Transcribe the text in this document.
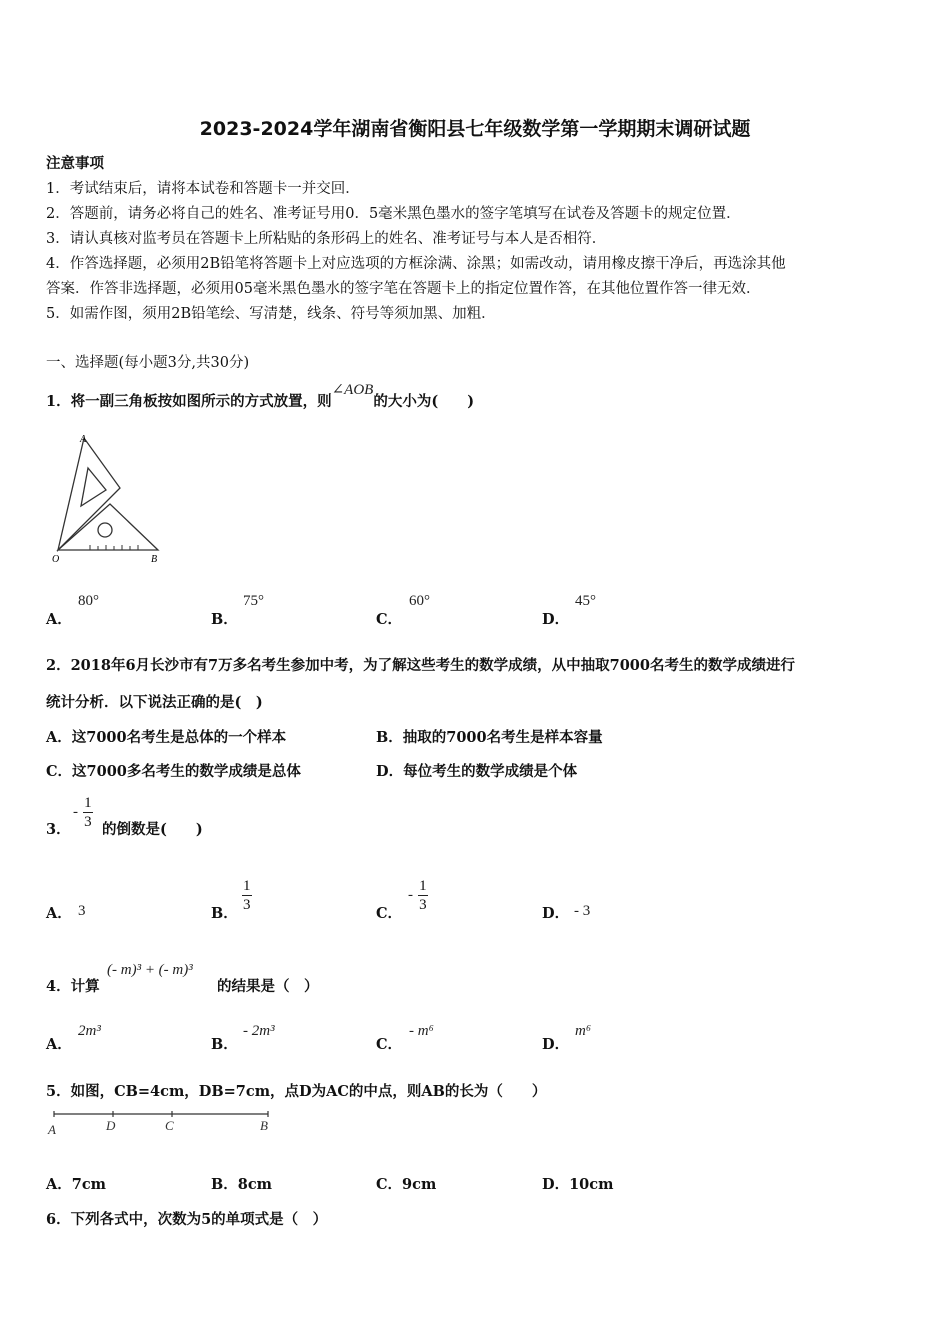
2023-2024学年湖南省衡阳县七年级数学第一学期期末调研试题
注意事项
1．考试结束后，请将本试卷和答题卡一并交回．
2．答题前，请务必将自己的姓名、准考证号用0．5毫米黑色墨水的签字笔填写在试卷及答题卡的规定位置．
3．请认真核对监考员在答题卡上所粘贴的条形码上的姓名、准考证号与本人是否相符．
4．作答选择题，必须用2B铅笔将答题卡上对应选项的方框涂满、涂黑；如需改动，请用橡皮擦干净后，再选涂其他
答案．作答非选择题，必须用05毫米黑色墨水的签字笔在答题卡上的指定位置作答，在其他位置作答一律无效．
5．如需作图，须用2B铅笔绘、写清楚，线条、符号等须加黑、加粗．
一、选择题(每小题3分,共30分)
1．将一副三角板按如图所示的方式放置，则∠AOB的大小为(　　)
A
O	B
A．
80°
B．
75°
C．
60°
D．
45°
2．2018年6月长沙市有7万多名考生参加中考，为了解这些考生的数学成绩，从中抽取7000名考生的数学成绩进行
统计分析．以下说法正确的是(　)
A．这7000名考生是总体的一个样本	B．抽取的7000名考生是样本容量
C．这7000多名考生的数学成绩是总体	D．每位考生的数学成绩是个体
3．
- $\frac{1}{3}$ 的倒数是(　　)
A． 3	B． $\frac{1}{3}$	C．
- $\frac{1}{3}$	D． - 3
4．计算
(- m)³ + (- m)³
的结果是（　）
A．
2m³
B．
- 2m³
C．
- m⁶
D．
m⁶
5．如图，CB=4cm，DB=7cm，点D为AC的中点，则AB的长为（　　）
A	D	C	B
A．7cm	B．8cm	C．9cm	D．10cm
6．下列各式中，次数为5的单项式是（　）
